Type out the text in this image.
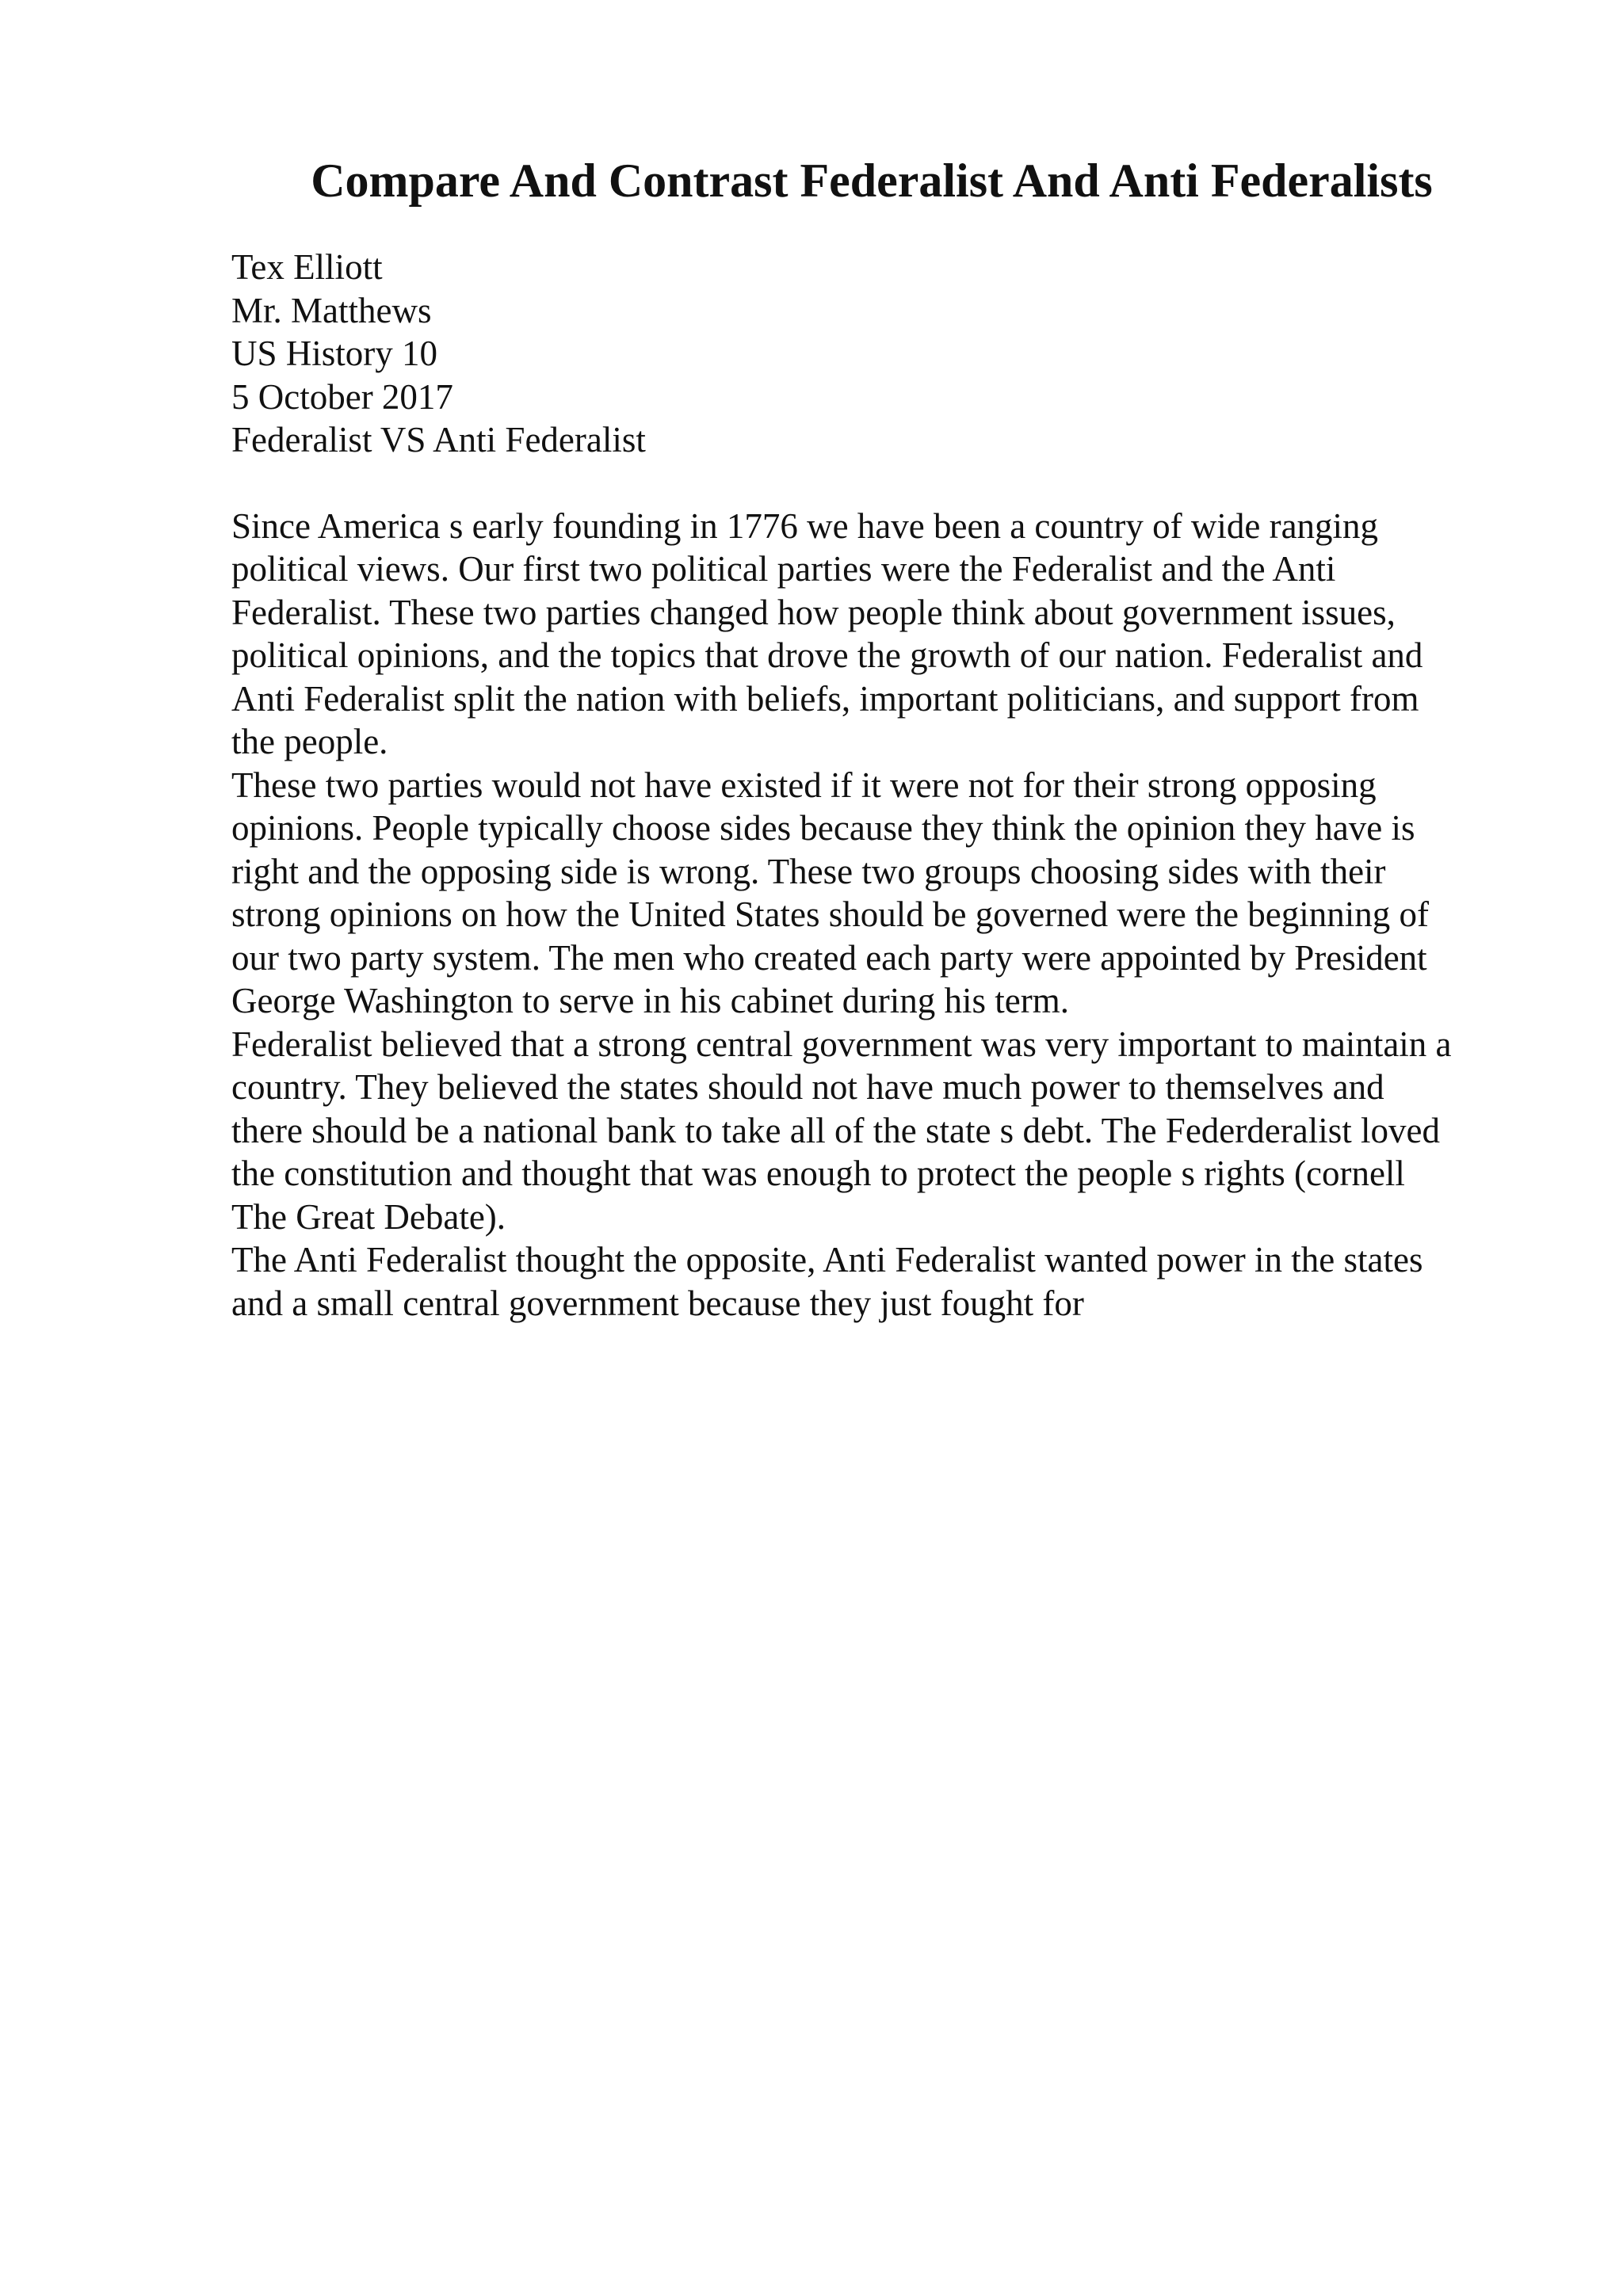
Compare And Contrast Federalist And Anti Federalists
Tex Elliott
Mr. Matthews
US History 10
5 October 2017
Federalist VS Anti Federalist
Since America s early founding in 1776 we have been a country of wide ranging
political views. Our first two political parties were the Federalist and the Anti
Federalist. These two parties changed how people think about government issues,
political opinions, and the topics that drove the growth of our nation. Federalist and
Anti Federalist split the nation with beliefs, important politicians, and support from
the people.
These two parties would not have existed if it were not for their strong opposing
opinions. People typically choose sides because they think the opinion they have is
right and the opposing side is wrong. These two groups choosing sides with their
strong opinions on how the United States should be governed were the beginning of
our two party system. The men who created each party were appointed by President
George Washington to serve in his cabinet during his term.
Federalist believed that a strong central government was very important to maintain a
country. They believed the states should not have much power to themselves and
there should be a national bank to take all of the state s debt. The Federderalist loved
the constitution and thought that was enough to protect the people s rights (cornell
The Great Debate).
The Anti Federalist thought the opposite, Anti Federalist wanted power in the states
and a small central government because they just fought for
